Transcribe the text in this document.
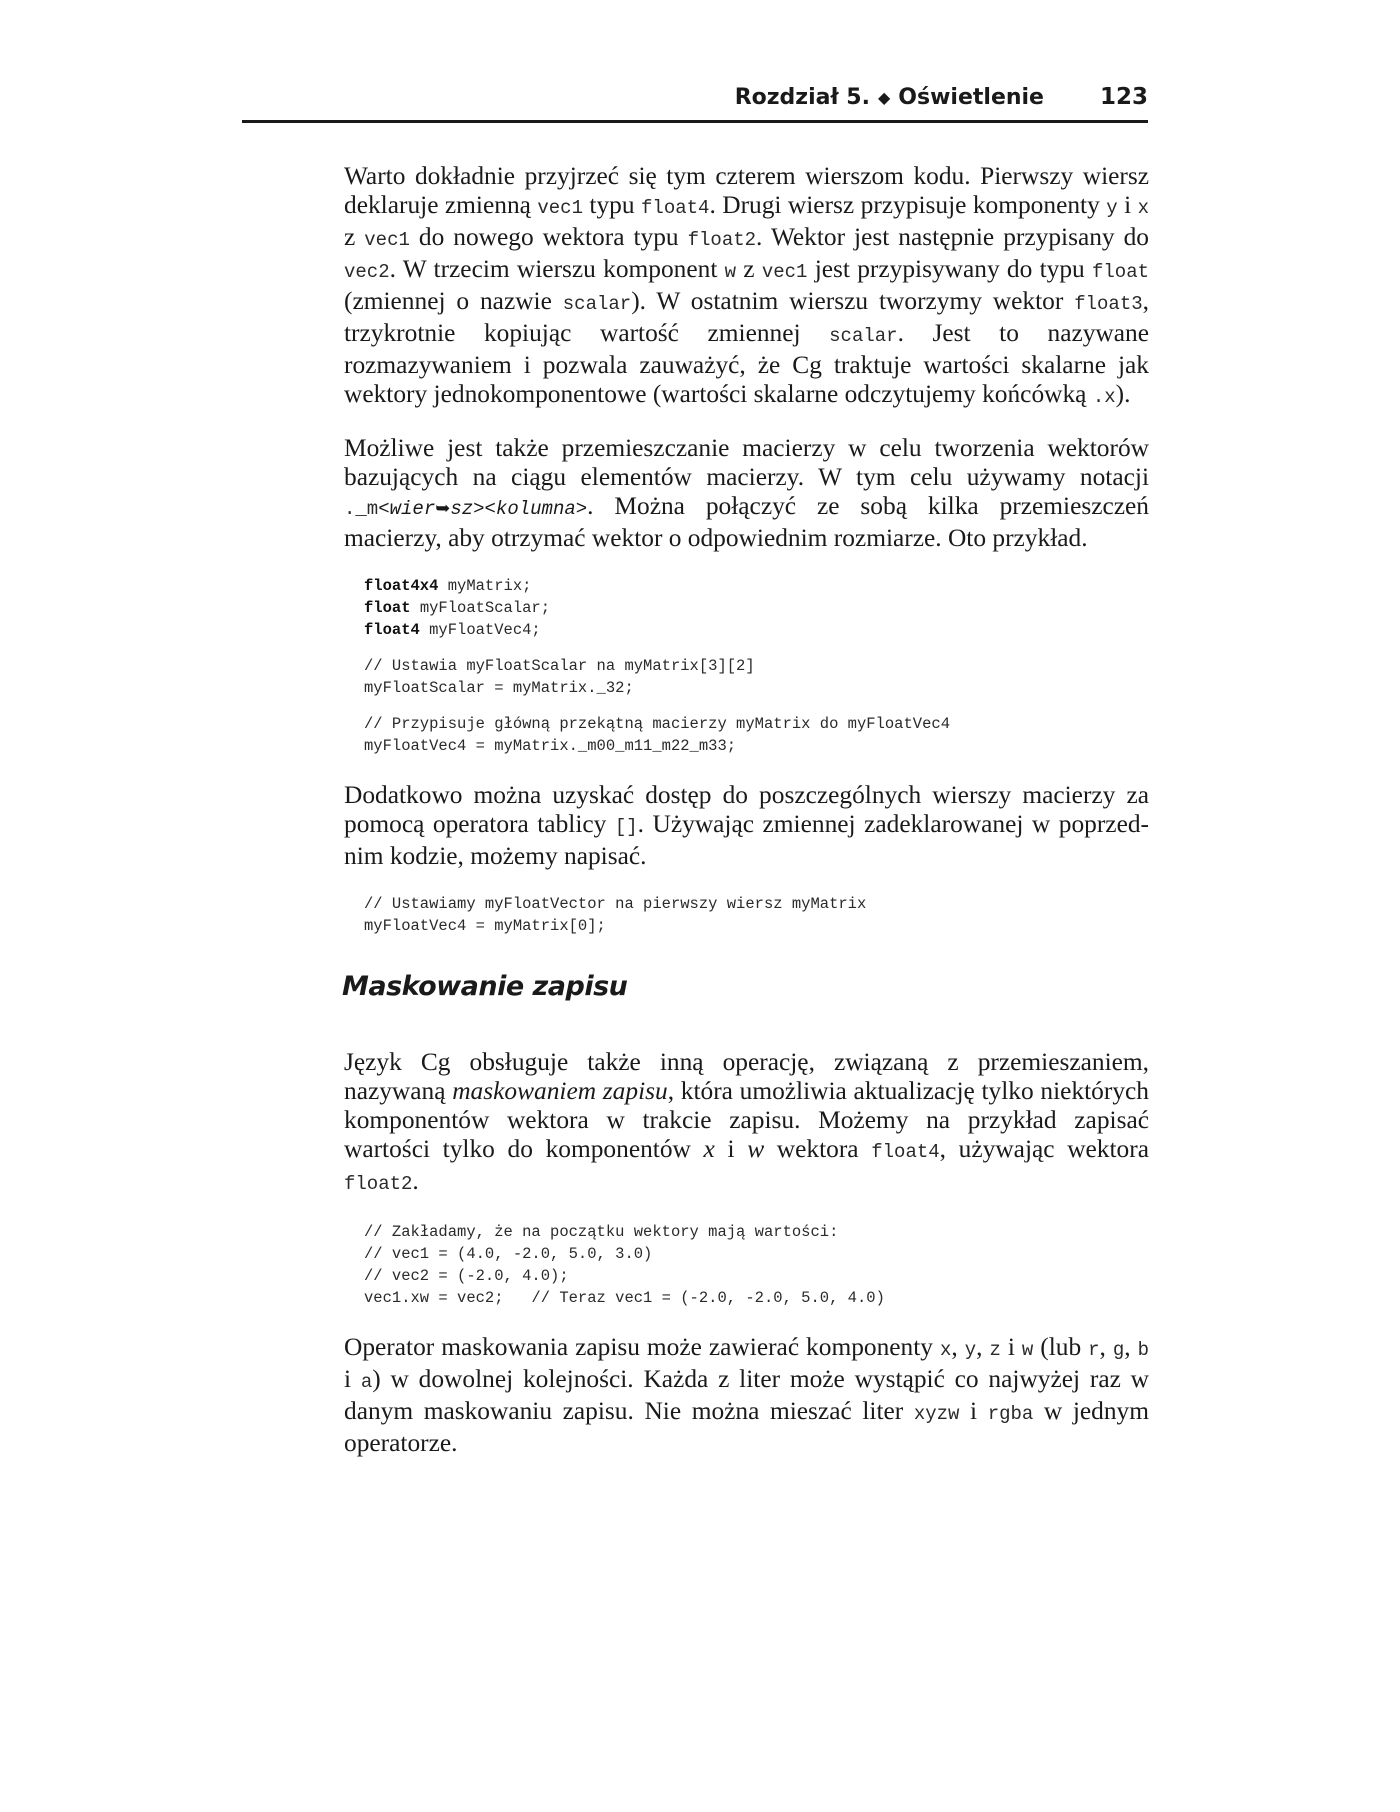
Rozdział 5. ◆ Oświetlenie 123

Warto dokładnie przyjrzeć się tym czterem wierszom kodu. Pierwszy wiersz deklaruje zmienną vec1 typu float4. Drugi wiersz przypisuje komponenty y i x z vec1 do nowego wektora typu float2. Wektor jest następnie przypisany do vec2. W trzecim wierszu komponent w z vec1 jest przypisywany do typu float (zmiennej o nazwie scalar). W ostatnim wierszu tworzymy wektor float3, trzykrotnie kopiując wartość zmiennej scalar. Jest to nazywane rozmazywaniem i pozwala zauważyć, że Cg traktuje wartości skalarne jak wektory jednokomponentowe (wartości skalarne odczytujemy końcówką .x).

Możliwe jest także przemieszczanie macierzy w celu tworzenia wektorów bazujących na ciągu elementów macierzy. W tym celu używamy notacji ._m<wier➥sz><kolumna>. Można połączyć ze sobą kilka przemieszczeń macierzy, aby otrzymać wektor o odpowiednim rozmiarze. Oto przykład.

float4x4 myMatrix;
float myFloatScalar;
float4 myFloatVec4;
// Ustawia myFloatScalar na myMatrix[3][2]
myFloatScalar = myMatrix._32;
// Przypisuje główną przekątną macierzy myMatrix do myFloatVec4
myFloatVec4 = myMatrix._m00_m11_m22_m33;

Dodatkowo można uzyskać dostęp do poszczególnych wierszy macierzy za pomocą operatora tablicy []. Używając zmiennej zadeklarowanej w poprzednim kodzie, możemy napisać.

// Ustawiamy myFloatVector na pierwszy wiersz myMatrix
myFloatVec4 = myMatrix[0];
Maskowanie zapisu

Język Cg obsługuje także inną operację, związaną z przemieszaniem, nazywaną maskowaniem zapisu, która umożliwia aktualizację tylko niektórych komponentów wektora w trakcie zapisu. Możemy na przykład zapisać wartości tylko do komponentów x i w wektora float4, używając wektora float2.

// Zakładamy, że na początku wektory mają wartości:
// vec1 = (4.0, -2.0, 5.0, 3.0)
// vec2 = (-2.0, 4.0);
vec1.xw = vec2;   // Teraz vec1 = (-2.0, -2.0, 5.0, 4.0)

Operator maskowania zapisu może zawierać komponenty x, y, z i w (lub r, g, b i a) w dowolnej kolejności. Każda z liter może wystąpić co najwyżej raz w danym maskowaniu zapisu. Nie można mieszać liter xyzw i rgba w jednym operatorze.
